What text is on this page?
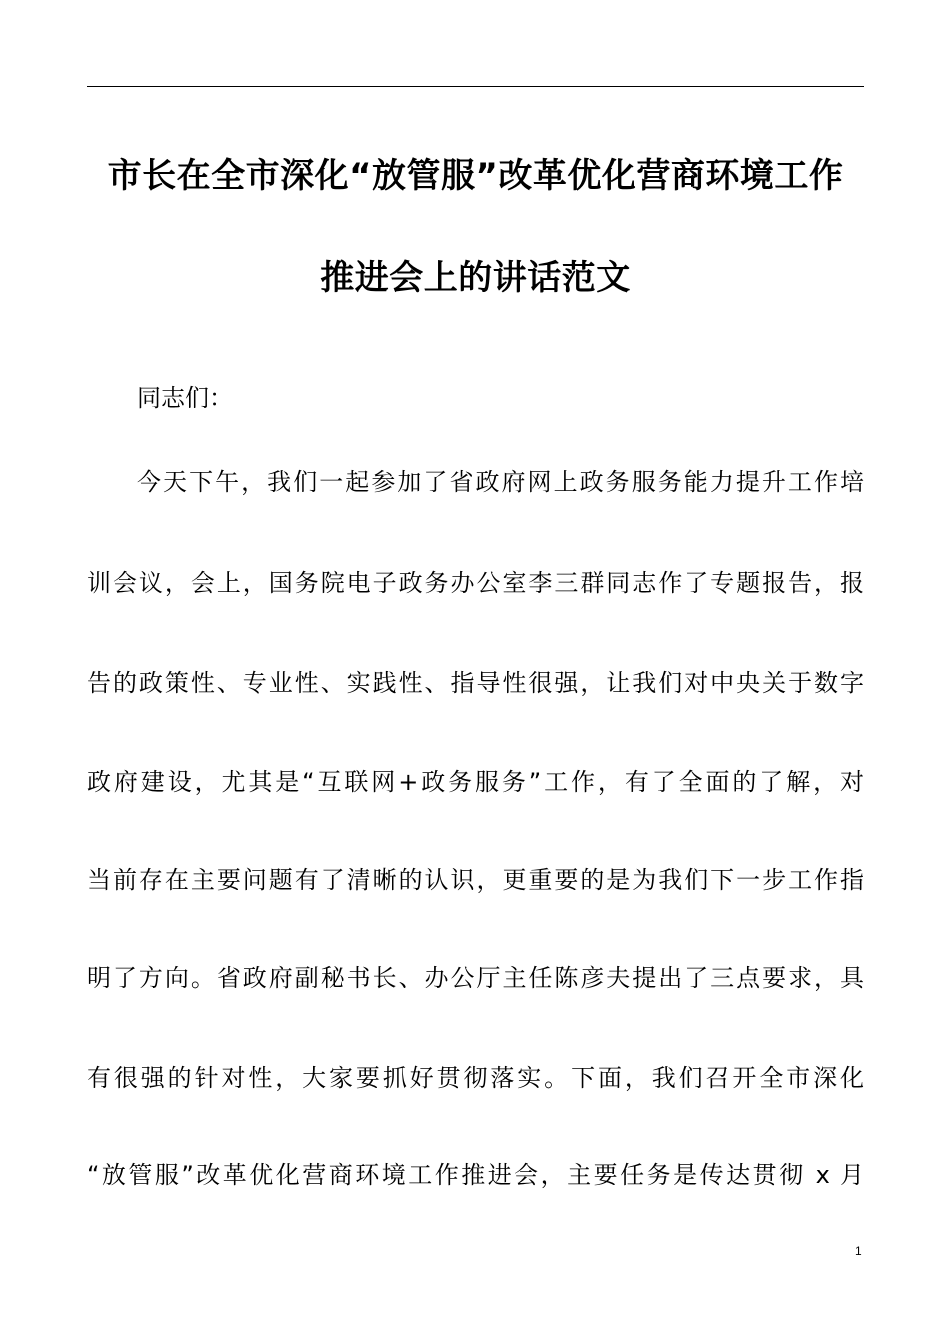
市长在全市深化“放管服”改革优化营商环境工作
推进会上的讲话范文
同志们：
今天下午，我们一起参加了省政府网上政务服务能力提升工作培
训会议，会上，国务院电子政务办公室李三群同志作了专题报告，报
告的政策性、专业性、实践性、指导性很强，让我们对中央关于数字
政府建设，尤其是“互联网+政务服务”工作，有了全面的了解，对
当前存在主要问题有了清晰的认识，更重要的是为我们下一步工作指
明了方向。省政府副秘书长、办公厅主任陈彦夫提出了三点要求，具
有很强的针对性，大家要抓好贯彻落实。下面，我们召开全市深化
“放管服”改革优化营商环境工作推进会，主要任务是传达贯彻 x 月
1
